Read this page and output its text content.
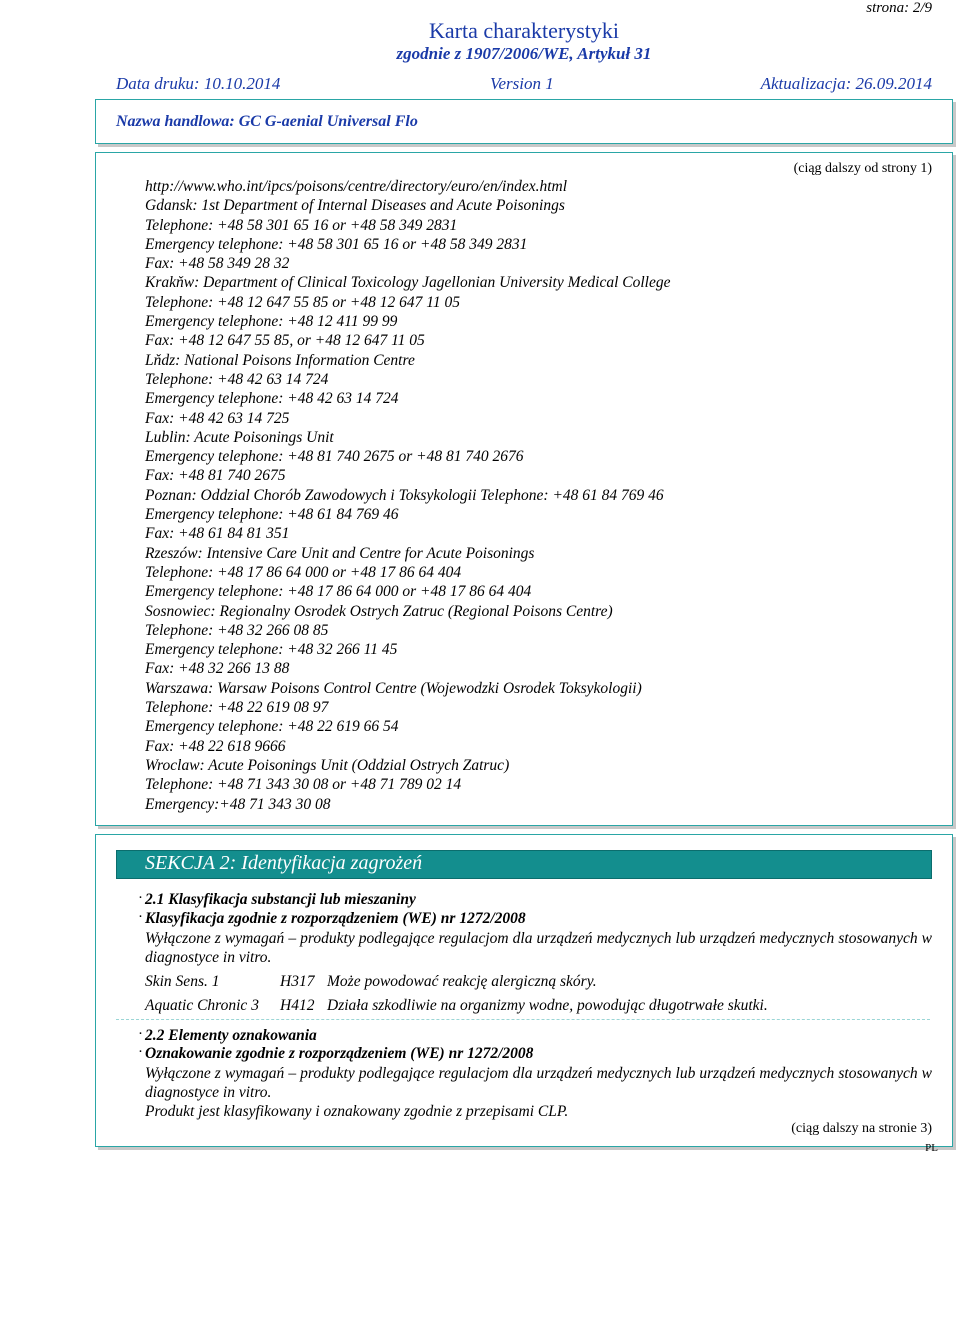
strona: 2/9
Karta charakterystyki
zgodnie z 1907/2006/WE, Artykuł 31
Data druku: 10.10.2014	Version 1	Aktualizacja: 26.09.2014
Nazwa handlowa: GC G-aenial Universal Flo
(ciąg dalszy od strony 1)
http://www.who.int/ipcs/poisons/centre/directory/euro/en/index.html
Gdansk: 1st Department of Internal Diseases and Acute Poisonings
Telephone: +48 58 301 65 16 or +48 58 349 2831
Emergency telephone: +48 58 301 65 16 or +48 58 349 2831
Fax: +48 58 349 28 32
Krakňw: Department of Clinical Toxicology Jagellonian University Medical College
Telephone: +48 12 647 55 85 or +48 12 647 11 05
Emergency telephone: +48 12 411 99 99
Fax: +48 12 647 55 85, or +48 12 647 11 05
Lňdz: National Poisons Information Centre
Telephone: +48 42 63 14 724
Emergency telephone: +48 42 63 14 724
Fax: +48 42 63 14 725
Lublin: Acute Poisonings Unit
Emergency telephone: +48 81 740 2675 or +48 81 740 2676
Fax: +48 81 740 2675
Poznan: Oddzial Chorób Zawodowych i Toksykologii Telephone: +48 61 84 769 46
Emergency telephone: +48 61 84 769 46
Fax: +48 61 84 81 351
Rzeszów: Intensive Care Unit and Centre for Acute Poisonings
Telephone: +48 17 86 64 000 or +48 17 86 64 404
Emergency telephone: +48 17 86 64 000 or +48 17 86 64 404
Sosnowiec: Regionalny Osrodek Ostrych Zatruc (Regional Poisons Centre)
Telephone: +48 32 266 08 85
Emergency telephone: +48 32 266 11 45
Fax: +48 32 266 13 88
Warszawa: Warsaw Poisons Control Centre (Wojewodzki Osrodek Toksykologii)
Telephone: +48 22 619 08 97
Emergency telephone: +48 22 619 66 54
Fax: +48 22 618 9666
Wroclaw: Acute Poisonings Unit (Oddzial Ostrych Zatruc)
Telephone: +48 71 343 30 08 or +48 71 789 02 14
Emergency:+48 71 343 30 08
SEKCJA 2: Identyfikacja zagrożeń
· 2.1 Klasyfikacja substancji lub mieszaniny
· Klasyfikacja zgodnie z rozporządzeniem (WE) nr 1272/2008
Wyłączone z wymagań – produkty podlegające regulacjom dla urządzeń medycznych lub urządzeń medycznych stosowanych w diagnostyce in vitro.
Skin Sens. 1	H317 Może powodować reakcję alergiczną skóry.
Aquatic Chronic 3 H412 Działa szkodliwie na organizmy wodne, powodując długotrwałe skutki.
· 2.2 Elementy oznakowania
· Oznakowanie zgodnie z rozporządzeniem (WE) nr 1272/2008
Wyłączone z wymagań – produkty podlegające regulacjom dla urządzeń medycznych lub urządzeń medycznych stosowanych w diagnostyce in vitro.
Produkt jest klasyfikowany i oznakowany zgodnie z przepisami CLP.
(ciąg dalszy na stronie 3)
PL
